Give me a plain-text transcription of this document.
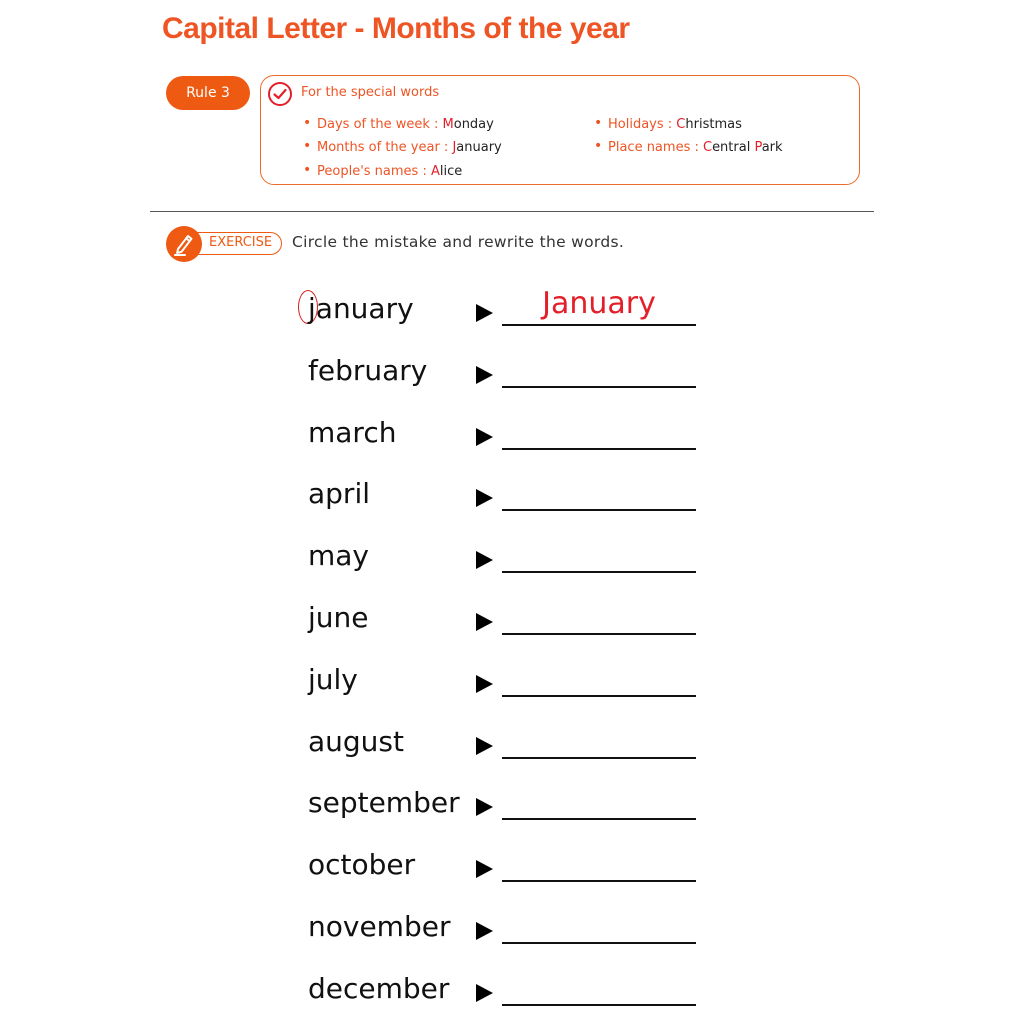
Capital Letter - Months of the year
Rule 3	For the special words
• Days of the week : Monday
• Months of the year : January
• People's names : Alice
• Holidays : Christmas
• Place names : Central Park
EXERCISE	Circle the mistake and rewrite the words.
january	January
february
march
april
may
june
july
august
september
october
november
december
